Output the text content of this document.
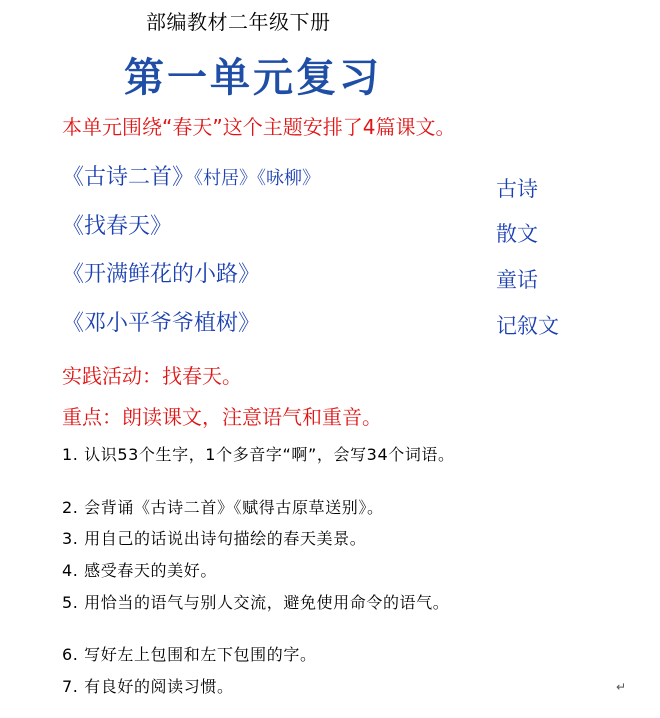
部编教材二年级下册
第一单元复习
本单元围绕“春天”这个主题安排了4篇课文。
《古诗二首》《村居》《咏柳》	古诗
《找春天》	散文
《开满鲜花的小路》	童话
《邓小平爷爷植树》	记叙文
实践活动：找春天。
重点：朗读课文，注意语气和重音。
1. 认识53个生字，1个多音字“啊”，会写34个词语。
2. 会背诵《古诗二首》《赋得古原草送别》。
3. 用自己的话说出诗句描绘的春天美景。
4. 感受春天的美好。
5. 用恰当的语气与别人交流，避免使用命令的语气。
6. 写好左上包围和左下包围的字。
7. 有良好的阅读习惯。	↵
